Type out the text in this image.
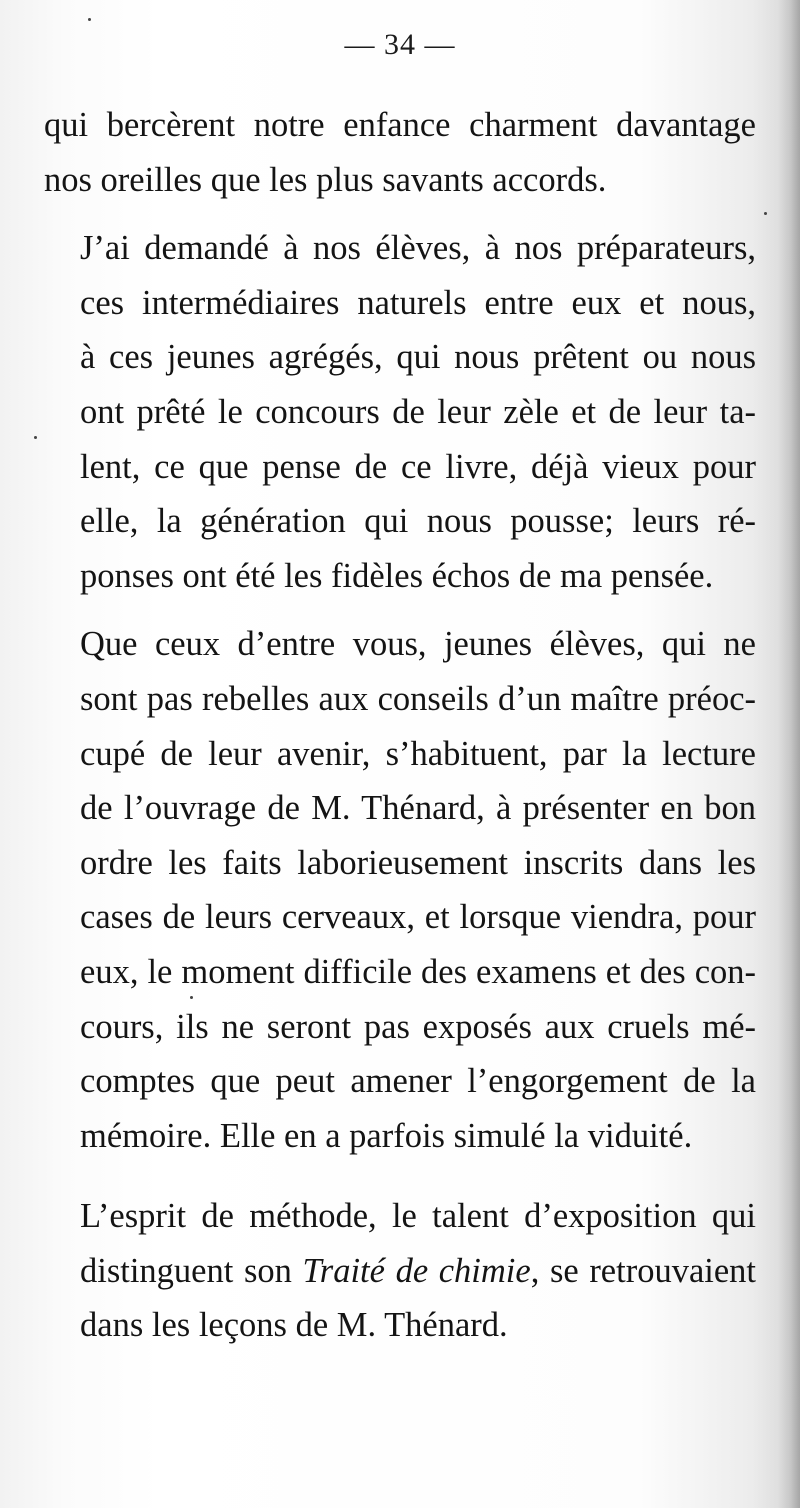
— 34 —

qui bercèrent notre enfance charment davantage
nos oreilles que les plus savants accords.

J’ai demandé à nos élèves, à nos préparateurs,
ces intermédiaires naturels entre eux et nous,
à ces jeunes agrégés, qui nous prêtent ou nous
ont prêté le concours de leur zèle et de leur ta-
lent, ce que pense de ce livre, déjà vieux pour
elle, la génération qui nous pousse; leurs ré-
ponses ont été les fidèles échos de ma pensée.

Que ceux d’entre vous, jeunes élèves, qui ne
sont pas rebelles aux conseils d’un maître préoc-
cupé de leur avenir, s’habituent, par la lecture
de l’ouvrage de M. Thénard, à présenter en bon
ordre les faits laborieusement inscrits dans les
cases de leurs cerveaux, et lorsque viendra, pour
eux, le moment difficile des examens et des con-
cours, ils ne seront pas exposés aux cruels mé-
comptes que peut amener l’engorgement de la
mémoire. Elle en a parfois simulé la viduité.

L’esprit de méthode, le talent d’exposition qui
distinguent son Traité de chimie, se retrouvaient
dans les leçons de M. Thénard.
